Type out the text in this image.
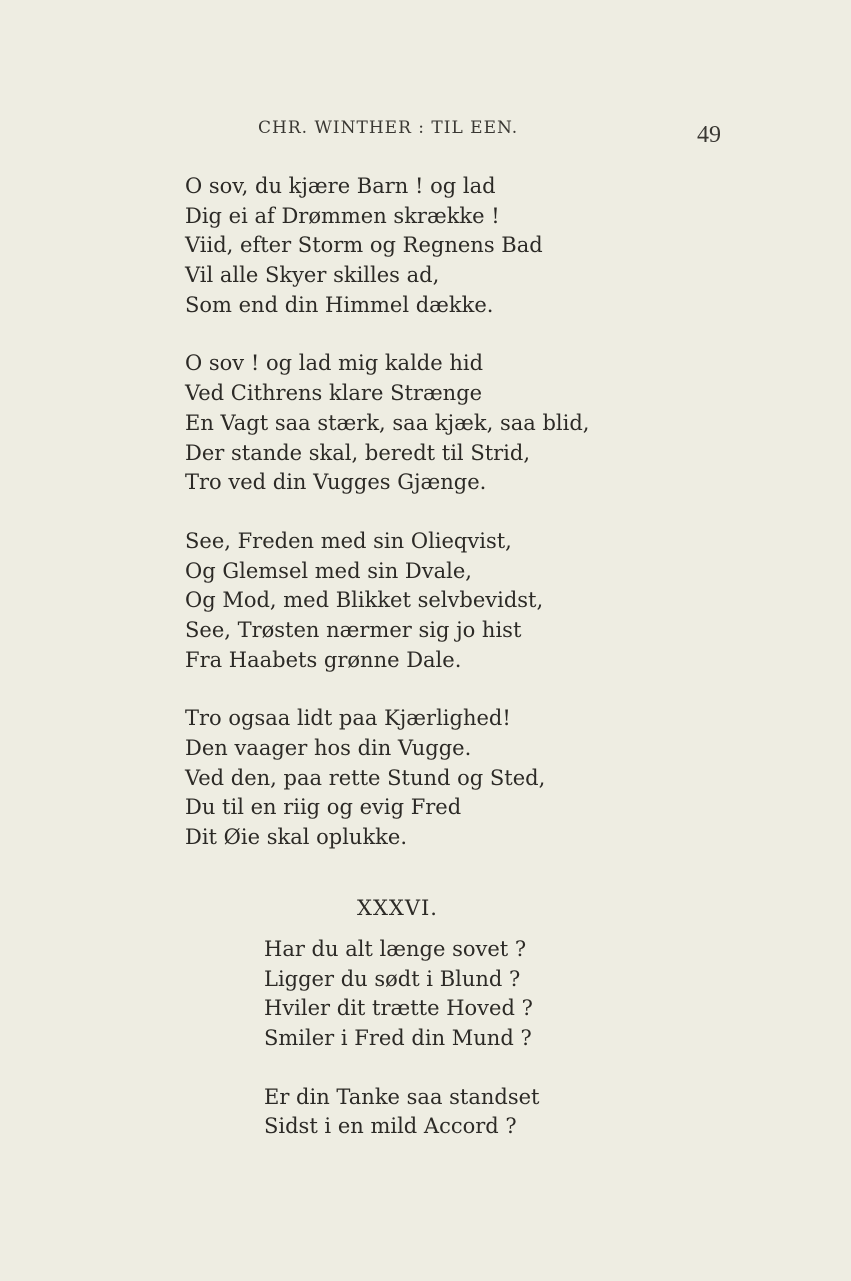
CHR. WINTHER : TIL EEN.	49
O sov, du kjære Barn ! og lad
Dig ei af Drømmen skrække !
Viid, efter Storm og Regnens Bad
Vil alle Skyer skilles ad,
Som end din Himmel dække.
O sov ! og lad mig kalde hid
Ved Cithrens klare Strænge
En Vagt saa stærk, saa kjæk, saa blid,
Der stande skal, beredt til Strid,
Tro ved din Vugges Gjænge.
See, Freden med sin Olieqvist,
Og Glemsel med sin Dvale,
Og Mod, med Blikket selvbevidst,
See, Trøsten nærmer sig jo hist
Fra Haabets grønne Dale.
Tro ogsaa lidt paa Kjærlighed!
Den vaager hos din Vugge.
Ved den, paa rette Stund og Sted,
Du til en riig og evig Fred
Dit Øie skal oplukke.
XXXVI.
Har du alt længe sovet ?
Ligger du sødt i Blund ?
Hviler dit trætte Hoved ?
Smiler i Fred din Mund ?
Er din Tanke saa standset
Sidst i en mild Accord ?
